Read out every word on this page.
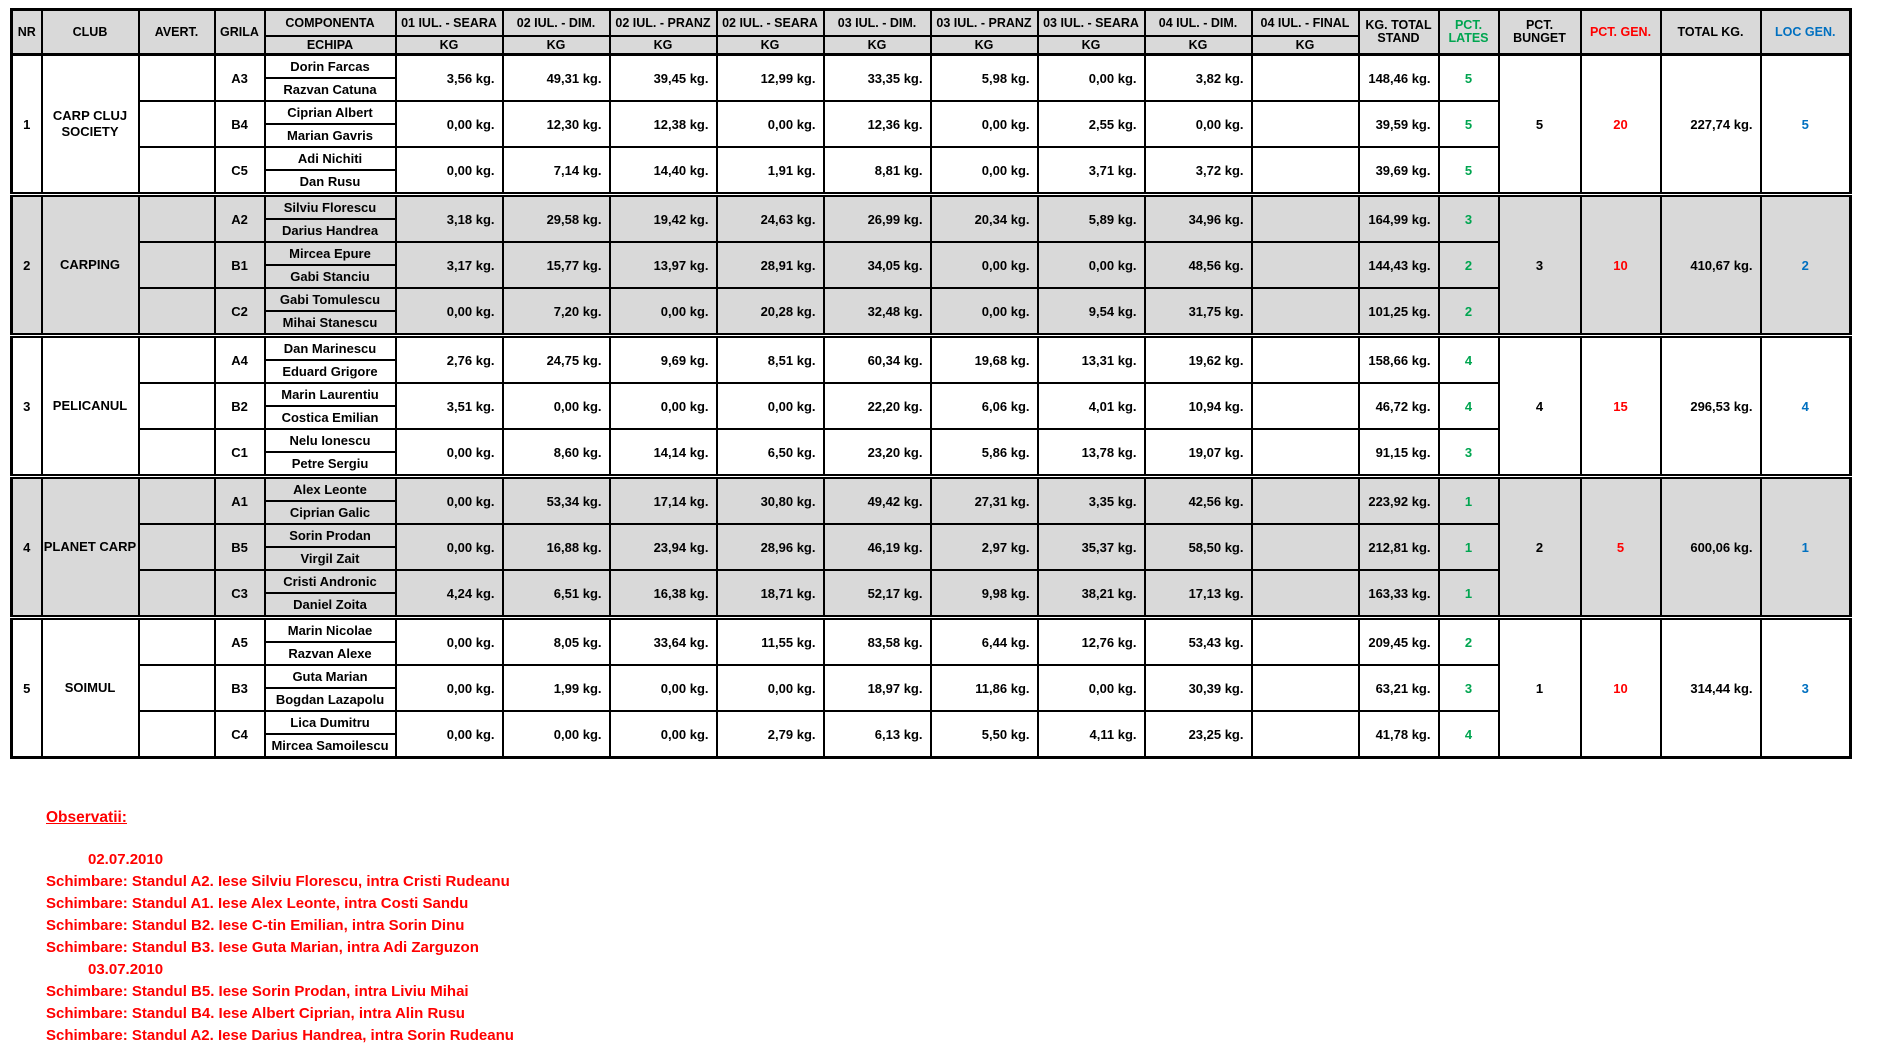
NR	CLUB	AVERT.	GRILA	COMPONENTA	01 IUL. - SEARA	02 IUL. - DIM.	02 IUL. - PRANZ	02 IUL. - SEARA	03 IUL. - DIM.	03 IUL. - PRANZ	03 IUL. - SEARA	04 IUL. - DIM.	04 IUL. - FINAL	KG. TOTAL STAND	PCT. LATES	PCT. BUNGET	PCT. GEN.	TOTAL KG.	LOC GEN.
				ECHIPA	KG	KG	KG	KG	KG	KG	KG	KG	KG						
1	CARP CLUJ SOCIETY		A3	Dorin Farcas	3,56 kg.	49,31 kg.	39,45 kg.	12,99 kg.	33,35 kg.	5,98 kg.	0,00 kg.	3,82 kg.		148,46 kg.	5	5	20	227,74 kg.	5
				Razvan Catuna															
			B4	Ciprian Albert	0,00 kg.	12,30 kg.	12,38 kg.	0,00 kg.	12,36 kg.	0,00 kg.	2,55 kg.	0,00 kg.		39,59 kg.	5				
				Marian Gavris															
			C5	Adi Nichiti	0,00 kg.	7,14 kg.	14,40 kg.	1,91 kg.	8,81 kg.	0,00 kg.	3,71 kg.	3,72 kg.		39,69 kg.	5				
				Dan Rusu															
2	CARPING		A2	Silviu Florescu	3,18 kg.	29,58 kg.	19,42 kg.	24,63 kg.	26,99 kg.	20,34 kg.	5,89 kg.	34,96 kg.		164,99 kg.	3	3	10	410,67 kg.	2
				Darius Handrea															
			B1	Mircea Epure	3,17 kg.	15,77 kg.	13,97 kg.	28,91 kg.	34,05 kg.	0,00 kg.	0,00 kg.	48,56 kg.		144,43 kg.	2				
				Gabi Stanciu															
			C2	Gabi Tomulescu	0,00 kg.	7,20 kg.	0,00 kg.	20,28 kg.	32,48 kg.	0,00 kg.	9,54 kg.	31,75 kg.		101,25 kg.	2				
				Mihai Stanescu															
3	PELICANUL		A4	Dan Marinescu	2,76 kg.	24,75 kg.	9,69 kg.	8,51 kg.	60,34 kg.	19,68 kg.	13,31 kg.	19,62 kg.		158,66 kg.	4	4	15	296,53 kg.	4
				Eduard Grigore															
			B2	Marin Laurentiu	3,51 kg.	0,00 kg.	0,00 kg.	0,00 kg.	22,20 kg.	6,06 kg.	4,01 kg.	10,94 kg.		46,72 kg.	4				
				Costica Emilian															
			C1	Nelu Ionescu	0,00 kg.	8,60 kg.	14,14 kg.	6,50 kg.	23,20 kg.	5,86 kg.	13,78 kg.	19,07 kg.		91,15 kg.	3				
				Petre Sergiu															
4	PLANET CARP		A1	Alex Leonte	0,00 kg.	53,34 kg.	17,14 kg.	30,80 kg.	49,42 kg.	27,31 kg.	3,35 kg.	42,56 kg.		223,92 kg.	1	2	5	600,06 kg.	1
				Ciprian Galic															
			B5	Sorin Prodan	0,00 kg.	16,88 kg.	23,94 kg.	28,96 kg.	46,19 kg.	2,97 kg.	35,37 kg.	58,50 kg.		212,81 kg.	1				
				Virgil Zait															
			C3	Cristi Andronic	4,24 kg.	6,51 kg.	16,38 kg.	18,71 kg.	52,17 kg.	9,98 kg.	38,21 kg.	17,13 kg.		163,33 kg.	1				
				Daniel Zoita															
5	SOIMUL		A5	Marin Nicolae	0,00 kg.	8,05 kg.	33,64 kg.	11,55 kg.	83,58 kg.	6,44 kg.	12,76 kg.	53,43 kg.		209,45 kg.	2	1	10	314,44 kg.	3
				Razvan Alexe															
			B3	Guta Marian	0,00 kg.	1,99 kg.	0,00 kg.	0,00 kg.	18,97 kg.	11,86 kg.	0,00 kg.	30,39 kg.		63,21 kg.	3				
				Bogdan Lazapolu															
			C4	Lica Dumitru	0,00 kg.	0,00 kg.	0,00 kg.	2,79 kg.	6,13 kg.	5,50 kg.	4,11 kg.	23,25 kg.		41,78 kg.	4				
				Mircea Samoilescu															
Observatii:
02.07.2010
Schimbare: Standul A2. Iese Silviu Florescu, intra Cristi Rudeanu
Schimbare: Standul A1. Iese Alex Leonte, intra Costi Sandu
Schimbare: Standul B2. Iese C-tin Emilian, intra Sorin Dinu
Schimbare: Standul B3. Iese Guta Marian, intra Adi Zarguzon
03.07.2010
Schimbare: Standul B5. Iese Sorin Prodan, intra Liviu Mihai
Schimbare: Standul B4. Iese Albert Ciprian, intra Alin Rusu
Schimbare: Standul A2. Iese Darius Handrea, intra Sorin Rudeanu
